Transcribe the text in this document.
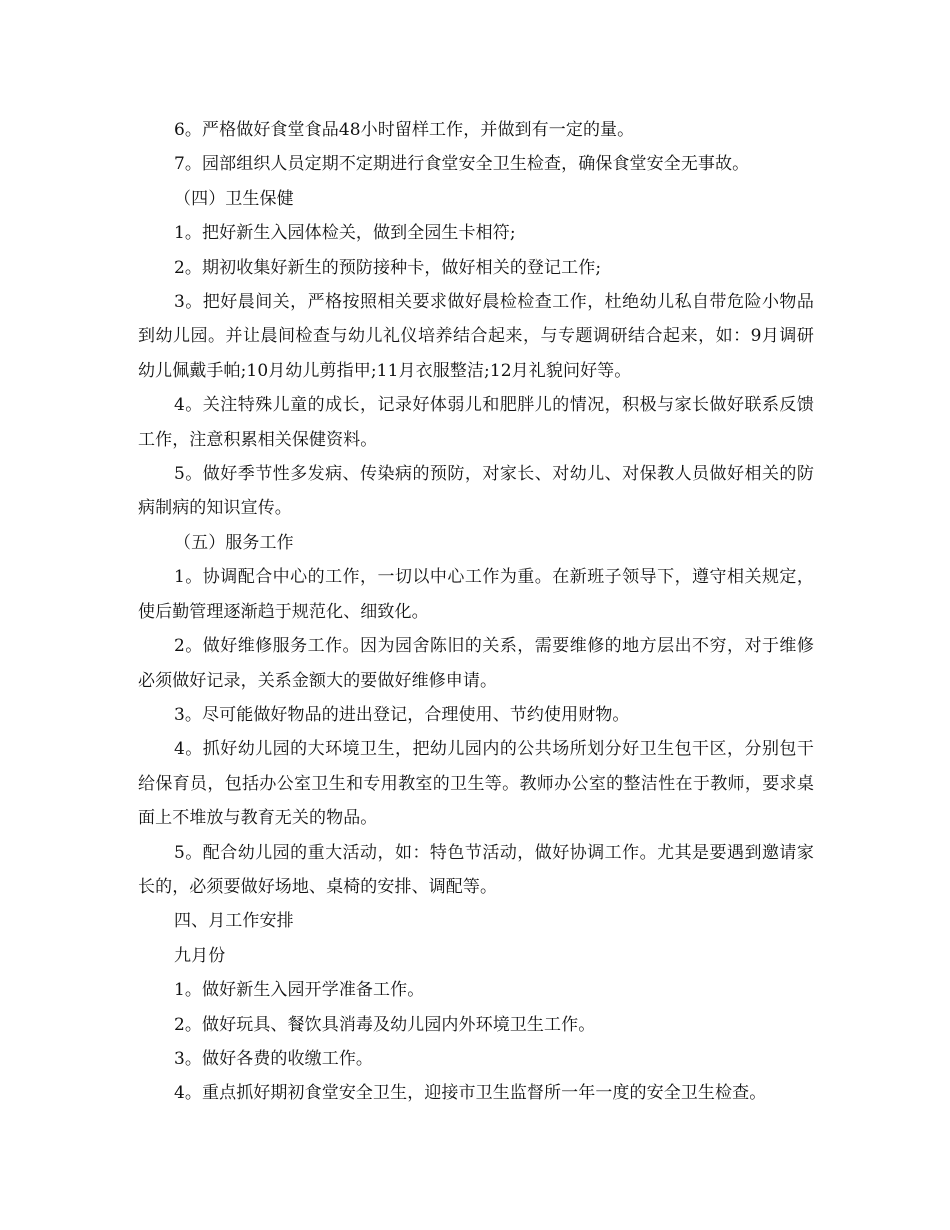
6。严格做好食堂食品48小时留样工作，并做到有一定的量。

7。园部组织人员定期不定期进行食堂安全卫生检查，确保食堂安全无事故。

（四）卫生保健

1。把好新生入园体检关，做到全园生卡相符;

2。期初收集好新生的预防接种卡，做好相关的登记工作;

3。把好晨间关，严格按照相关要求做好晨检检查工作，杜绝幼儿私自带危险小物品到幼儿园。并让晨间检查与幼儿礼仪培养结合起来，与专题调研结合起来，如：9月调研幼儿佩戴手帕;10月幼儿剪指甲;11月衣服整洁;12月礼貌问好等。

4。关注特殊儿童的成长，记录好体弱儿和肥胖儿的情况，积极与家长做好联系反馈工作，注意积累相关保健资料。

5。做好季节性多发病、传染病的预防，对家长、对幼儿、对保教人员做好相关的防病制病的知识宣传。

（五）服务工作

1。协调配合中心的工作，一切以中心工作为重。在新班子领导下，遵守相关规定，使后勤管理逐渐趋于规范化、细致化。

2。做好维修服务工作。因为园舍陈旧的关系，需要维修的地方层出不穷，对于维修必须做好记录，关系金额大的要做好维修申请。

3。尽可能做好物品的进出登记，合理使用、节约使用财物。

4。抓好幼儿园的大环境卫生，把幼儿园内的公共场所划分好卫生包干区，分别包干给保育员，包括办公室卫生和专用教室的卫生等。教师办公室的整洁性在于教师，要求桌面上不堆放与教育无关的物品。

5。配合幼儿园的重大活动，如：特色节活动，做好协调工作。尤其是要遇到邀请家长的，必须要做好场地、桌椅的安排、调配等。

四、月工作安排

九月份

1。做好新生入园开学准备工作。

2。做好玩具、餐饮具消毒及幼儿园内外环境卫生工作。

3。做好各费的收缴工作。

4。重点抓好期初食堂安全卫生，迎接市卫生监督所一年一度的安全卫生检查。
